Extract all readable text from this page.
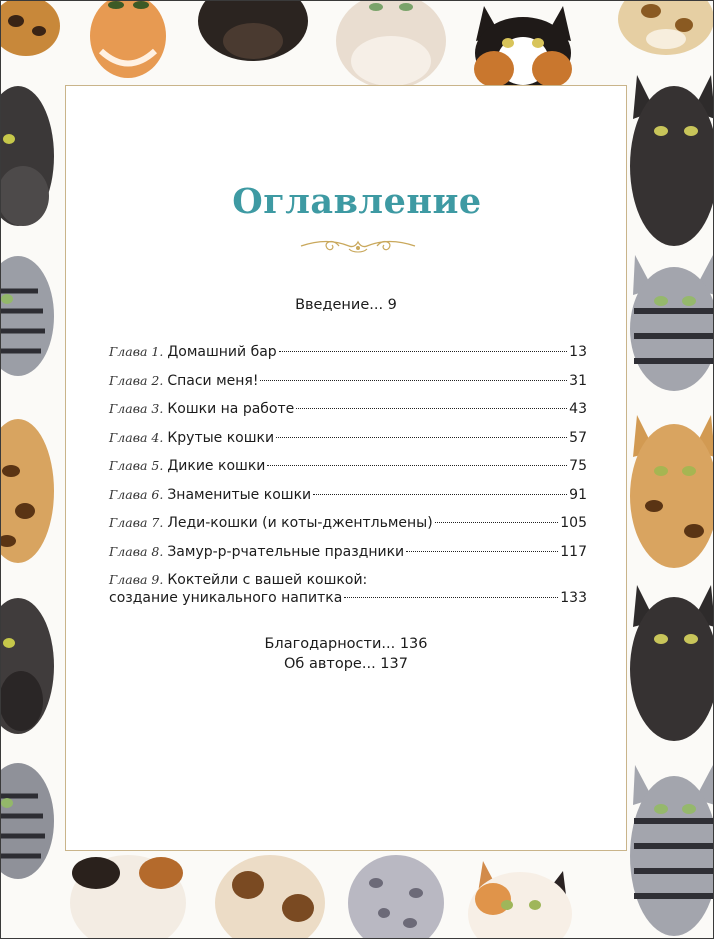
Оглавление
Введение... 9
Глава 1. Домашний бар	13
Глава 2. Спаси меня!	31
Глава 3. Кошки на работе	43
Глава 4. Крутые кошки	57
Глава 5. Дикие кошки	75
Глава 6. Знаменитые кошки	91
Глава 7. Леди-кошки (и коты-джентльмены)	105
Глава 8. Замур-р-рчательные праздники	117
Глава 9. Коктейли с вашей кошкой:
создание уникального напитка	133
Благодарности... 136
Об авторе... 137
